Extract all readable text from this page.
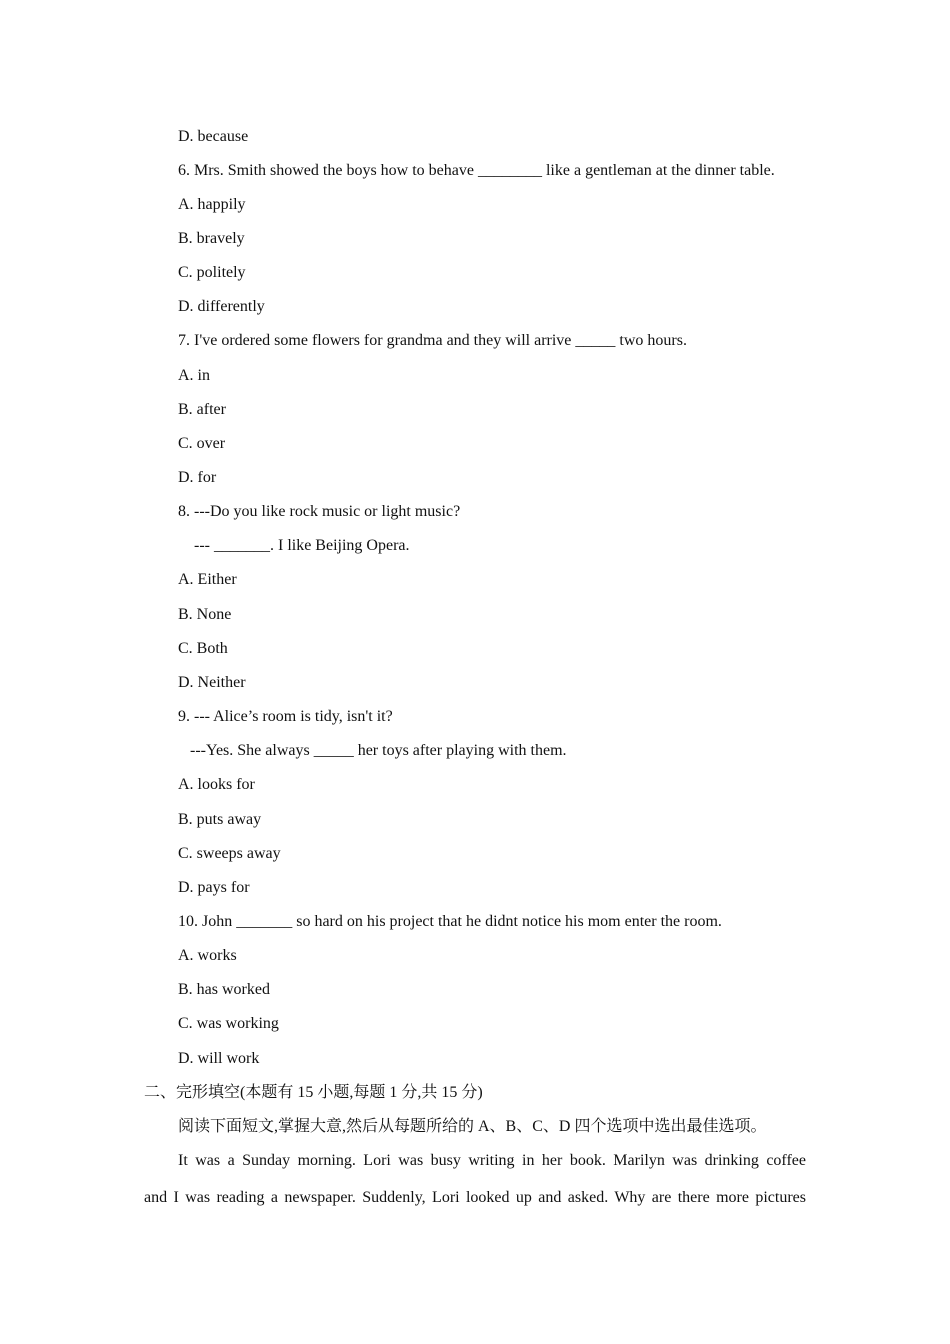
D. because
6. Mrs. Smith showed the boys how to behave ________ like a gentleman at the dinner table.
A. happily
B. bravely
C. politely
D. differently
7. I've ordered some flowers for grandma and they will arrive _____ two hours.
A. in
B. after
C. over
D. for
8. ---Do you like rock music or light music?
--- _______. I like Beijing Opera.
A. Either
B. None
C. Both
D. Neither
9. --- Alice’s room is tidy, isn't it?
---Yes. She always _____ her toys after playing with them.
A. looks for
B. puts away
C. sweeps away
D. pays for
10. John _______ so hard on his project that he didnt notice his mom enter the room.
A. works
B. has worked
C. was working
D. will work
二、完形填空(本题有 15 小题,每题 1 分,共 15 分)
阅读下面短文,掌握大意,然后从每题所给的 A、B、C、D 四个选项中选出最佳选项。
It was a Sunday morning. Lori was busy writing in her book. Marilyn was drinking coffee
and I was reading a newspaper. Suddenly, Lori looked up and asked. Why are there more pictures
